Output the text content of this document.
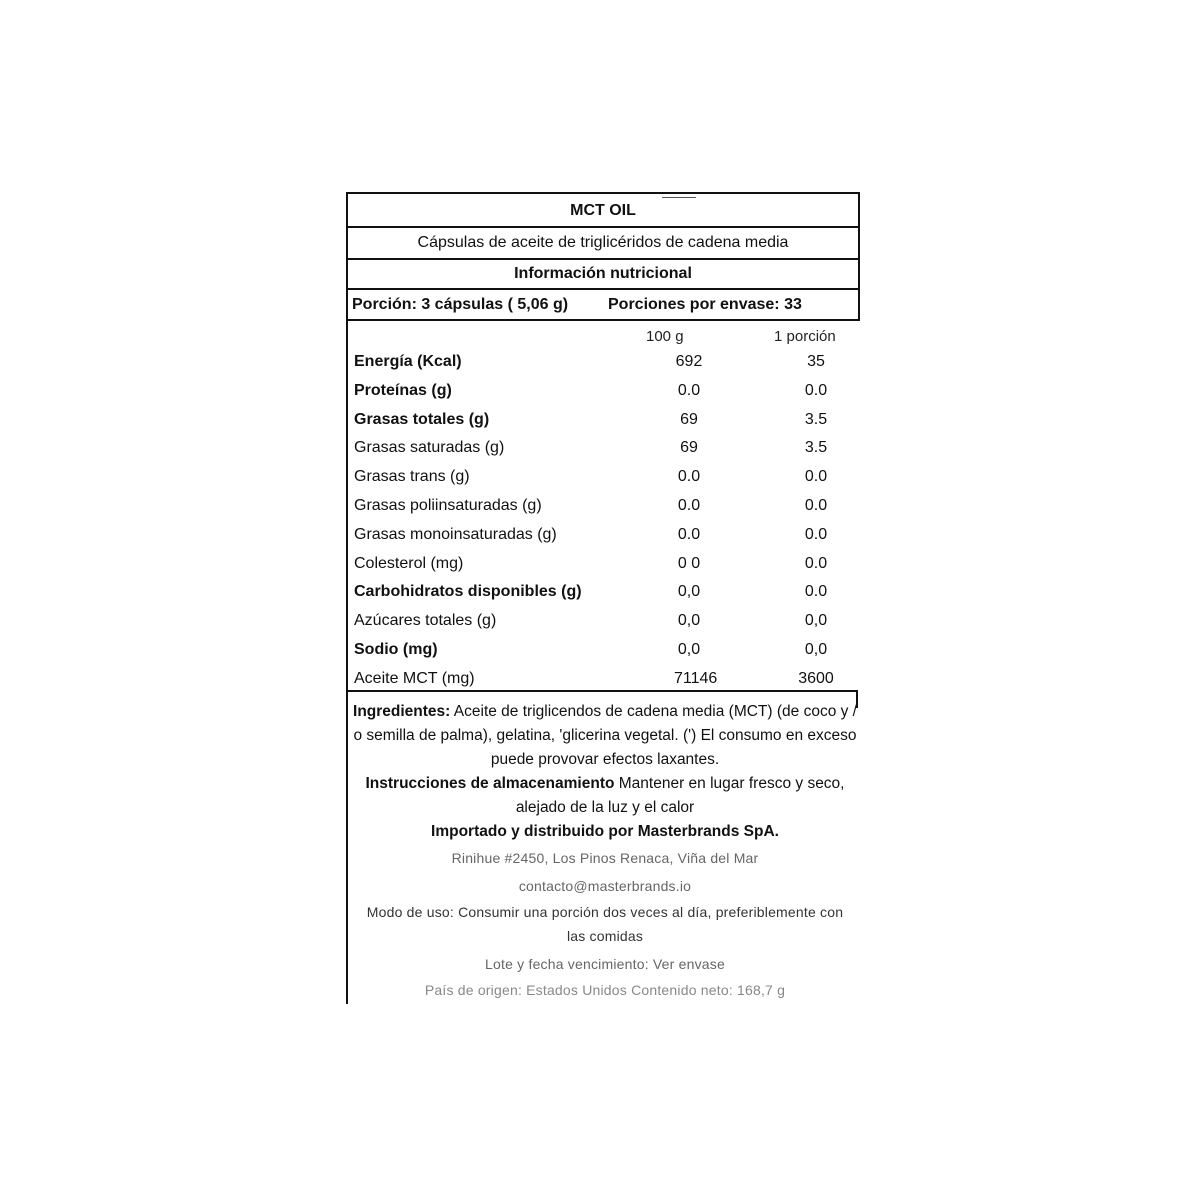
MCT OIL
Cápsulas de aceite de triglicéridos de cadena media
Información nutricional
Porción: 3 cápsulas ( 5,06 g)	Porciones por envase: 33
100 g	1 porción
Energía (Kcal)	692	35
Proteínas (g)	0.0	0.0
Grasas totales (g)	69	3.5
Grasas saturadas (g)	69	3.5
Grasas trans (g)	0.0	0.0
Grasas poliinsaturadas (g)	0.0	0.0
Grasas monoinsaturadas (g)	0.0	0.0
Colesterol (mg)	0 0	0.0
Carbohidratos disponibles (g)	0,0	0.0
Azúcares totales (g)	0,0	0,0
Sodio (mg)	0,0	0,0
Aceite MCT (mg)	71146	3600
Ingredientes: Aceite de triglicendos de cadena media (MCT) (de coco y / o semilla de palma), gelatina, 'glicerina vegetal. (') El consumo en exceso puede provovar efectos laxantes.
Instrucciones de almacenamiento Mantener en lugar fresco y seco, alejado de la luz y el calor
Importado y distribuido por Masterbrands SpA.
Rinihue #2450, Los Pinos Renaca, Viña del Mar
contacto@masterbrands.io
Modo de uso: Consumir una porción dos veces al día, preferiblemente con las comidas
Lote y fecha vencimiento: Ver envase
País de origen: Estados Unidos Contenido neto: 168,7 g
